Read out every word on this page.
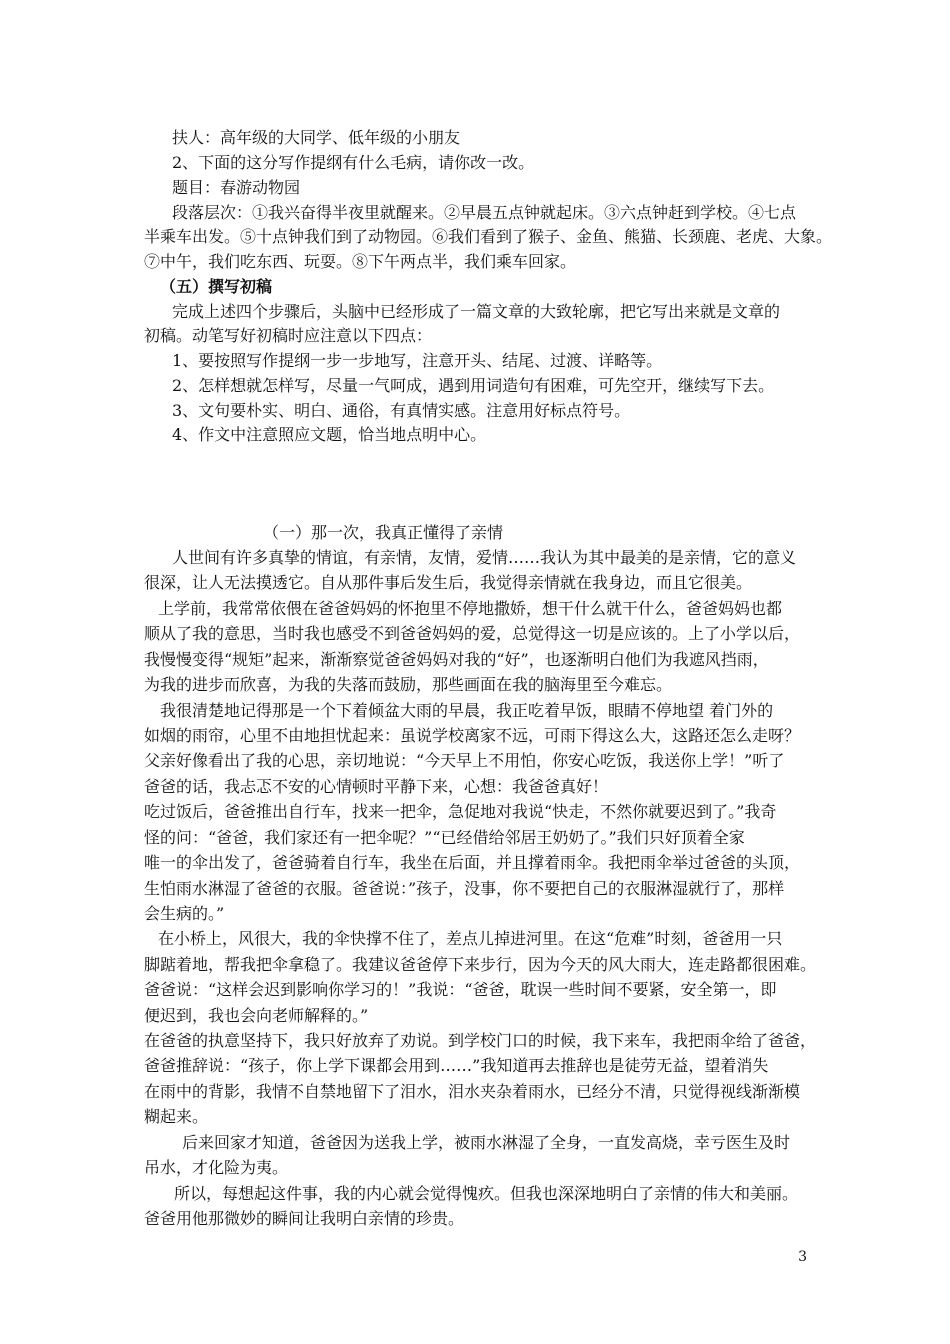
扶人：高年级的大同学、低年级的小朋友
2、下面的这分写作提纲有什么毛病，请你改一改。
题目：春游动物园
段落层次：①我兴奋得半夜里就醒来。②早晨五点钟就起床。③六点钟赶到学校。④七点
半乘车出发。⑤十点钟我们到了动物园。⑥我们看到了猴子、金鱼、熊猫、长颈鹿、老虎、大象。
⑦中午，我们吃东西、玩耍。⑧下午两点半，我们乘车回家。
（五）撰写初稿
完成上述四个步骤后，头脑中已经形成了一篇文章的大致轮廓，把它写出来就是文章的
初稿。动笔写好初稿时应注意以下四点：
1、要按照写作提纲一步一步地写，注意开头、结尾、过渡、详略等。
2、怎样想就怎样写，尽量一气呵成，遇到用词造句有困难，可先空开，继续写下去。
3、文句要朴实、明白、通俗，有真情实感。注意用好标点符号。
4、作文中注意照应文题，恰当地点明中心。
（一）那一次，我真正懂得了亲情
人世间有许多真挚的情谊，有亲情，友情，爱情……我认为其中最美的是亲情，它的意义
很深，让人无法摸透它。自从那件事后发生后，我觉得亲情就在我身边，而且它很美。
上学前，我常常依偎在爸爸妈妈的怀抱里不停地撒娇，想干什么就干什么，爸爸妈妈也都
顺从了我的意思，当时我也感受不到爸爸妈妈的爱，总觉得这一切是应该的。上了小学以后，
我慢慢变得“规矩”起来，渐渐察觉爸爸妈妈对我的“好”，也逐渐明白他们为我遮风挡雨，
为我的进步而欣喜，为我的失落而鼓励，那些画面在我的脑海里至今难忘。
我很清楚地记得那是一个下着倾盆大雨的早晨，我正吃着早饭，眼睛不停地望 着门外的
如烟的雨帘，心里不由地担忧起来：虽说学校离家不远，可雨下得这么大，这路还怎么走呀？
父亲好像看出了我的心思，亲切地说：“今天早上不用怕，你安心吃饭，我送你上学！”听了
爸爸的话，我忐忑不安的心情顿时平静下来，心想：我爸爸真好！
吃过饭后，爸爸推出自行车，找来一把伞，急促地对我说“快走，不然你就要迟到了。”我奇
怪的问：“爸爸，我们家还有一把伞呢？”“已经借给邻居王奶奶了。”我们只好顶着全家
唯一的伞出发了，爸爸骑着自行车，我坐在后面，并且撑着雨伞。我把雨伞举过爸爸的头顶，
生怕雨水淋湿了爸爸的衣服。爸爸说：”孩子，没事，你不要把自己的衣服淋湿就行了，那样
会生病的。”
在小桥上，风很大，我的伞快撑不住了，差点儿掉进河里。在这“危难”时刻，爸爸用一只
脚踮着地，帮我把伞拿稳了。我建议爸爸停下来步行，因为今天的风大雨大，连走路都很困难。
爸爸说：“这样会迟到影响你学习的！”我说：“爸爸，耽误一些时间不要紧，安全第一，即
便迟到，我也会向老师解释的。”
在爸爸的执意坚持下，我只好放弃了劝说。到学校门口的时候，我下来车，我把雨伞给了爸爸，
爸爸推辞说：“孩子，你上学下课都会用到……”我知道再去推辞也是徒劳无益，望着消失
在雨中的背影，我情不自禁地留下了泪水，泪水夹杂着雨水，已经分不清，只觉得视线渐渐模
糊起来。
后来回家才知道，爸爸因为送我上学，被雨水淋湿了全身，一直发高烧，幸亏医生及时
吊水，才化险为夷。
所以，每想起这件事，我的内心就会觉得愧疚。但我也深深地明白了亲情的伟大和美丽。
爸爸用他那微妙的瞬间让我明白亲情的珍贵。
3
